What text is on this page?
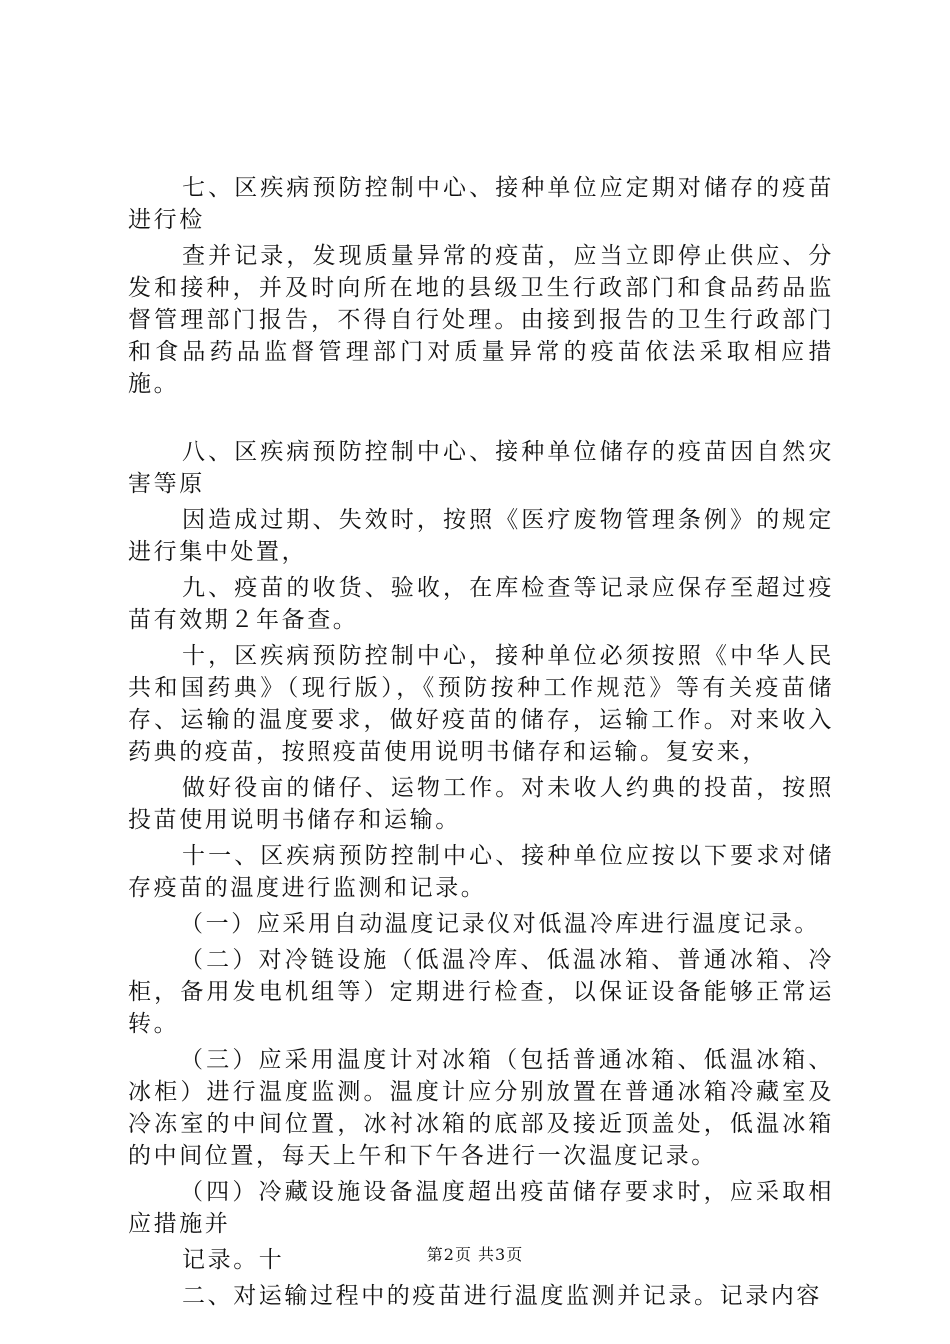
七、区疾病预防控制中心、接种单位应定期对储存的疫苗进行检

查并记录，发现质量异常的疫苗，应当立即停止供应、分发和接种，并及时向所在地的县级卫生行政部门和食品药品监督管理部门报告，不得自行处理。由接到报告的卫生行政部门和食品药品监督管理部门对质量异常的疫苗依法采取相应措施。

八、区疾病预防控制中心、接种单位储存的疫苗因自然灾害等原

因造成过期、失效时，按照《医疗废物管理条例》的规定进行集中处置，

九、疫苗的收货、验收，在库检查等记录应保存至超过疫苗有效期２年备查。

十，区疾病预防控制中心，接种单位必须按照《中华人民共和国药典》（现行版），《预防按种工作规范》等有关疫苗储存、运输的温度要求，做好疫苗的储存，运输工作。对来收入药典的疫苗，按照疫苗使用说明书储存和运输。复安来，

做好役亩的储仔、运物工作。对未收人约典的投苗，按照投苗使用说明书储存和运输。

十一、区疾病预防控制中心、接种单位应按以下要求对储存疫苗的温度进行监测和记录。

（一）应采用自动温度记录仪对低温冷库进行温度记录。

（二）对冷链设施（低温冷库、低温冰箱、普通冰箱、冷柜，备用发电机组等）定期进行检查，以保证设备能够正常运转。

（三）应采用温度计对冰箱（包括普通冰箱、低温冰箱、冰柜）进行温度监测。温度计应分别放置在普通冰箱冷藏室及冷冻室的中间位置，冰衬冰箱的底部及接近顶盖处，低温冰箱的中间位置，每天上午和下午各进行一次温度记录。

（四）冷藏设施设备温度超出疫苗储存要求时，应采取相应措施并

记录。十

二、对运输过程中的疫苗进行温度监测并记录。记录内容

第2页 共3页
